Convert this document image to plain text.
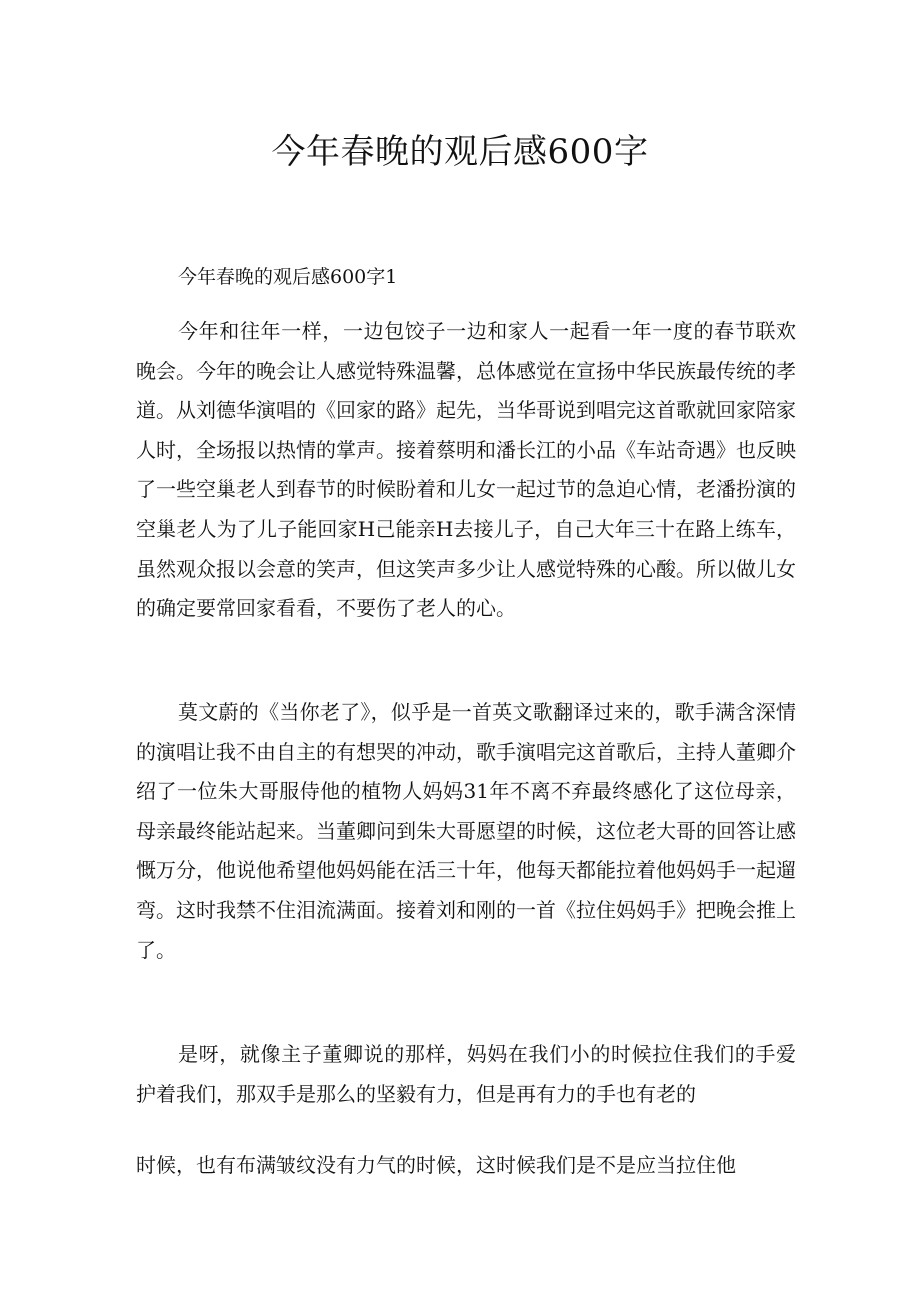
今年春晚的观后感600字

今年春晚的观后感600字1

今年和往年一样，一边包饺子一边和家人一起看一年一度的春节联欢晚会。今年的晚会让人感觉特殊温馨，总体感觉在宣扬中华民族最传统的孝道。从刘德华演唱的《回家的路》起先，当华哥说到唱完这首歌就回家陪家人时，全场报以热情的掌声。接着蔡明和潘长江的小品《车站奇遇》也反映了一些空巢老人到春节的时候盼着和儿女一起过节的急迫心情，老潘扮演的空巢老人为了儿子能回家H己能亲H去接儿子，自己大年三十在路上练车，虽然观众报以会意的笑声，但这笑声多少让人感觉特殊的心酸。所以做儿女的确定要常回家看看，不要伤了老人的心。

莫文蔚的《当你老了》，似乎是一首英文歌翻译过来的，歌手满含深情的演唱让我不由自主的有想哭的冲动，歌手演唱完这首歌后，主持人董卿介绍了一位朱大哥服侍他的植物人妈妈31年不离不弃最终感化了这位母亲，母亲最终能站起来。当董卿问到朱大哥愿望的时候，这位老大哥的回答让感慨万分，他说他希望他妈妈能在活三十年，他每天都能拉着他妈妈手一起遛弯。这时我禁不住泪流满面。接着刘和刚的一首《拉住妈妈手》把晚会推上了。

是呀，就像主子董卿说的那样，妈妈在我们小的时候拉住我们的手爱护着我们，那双手是那么的坚毅有力，但是再有力的手也有老的

时候，也有布满皱纹没有力气的时候，这时候我们是不是应当拉住他
